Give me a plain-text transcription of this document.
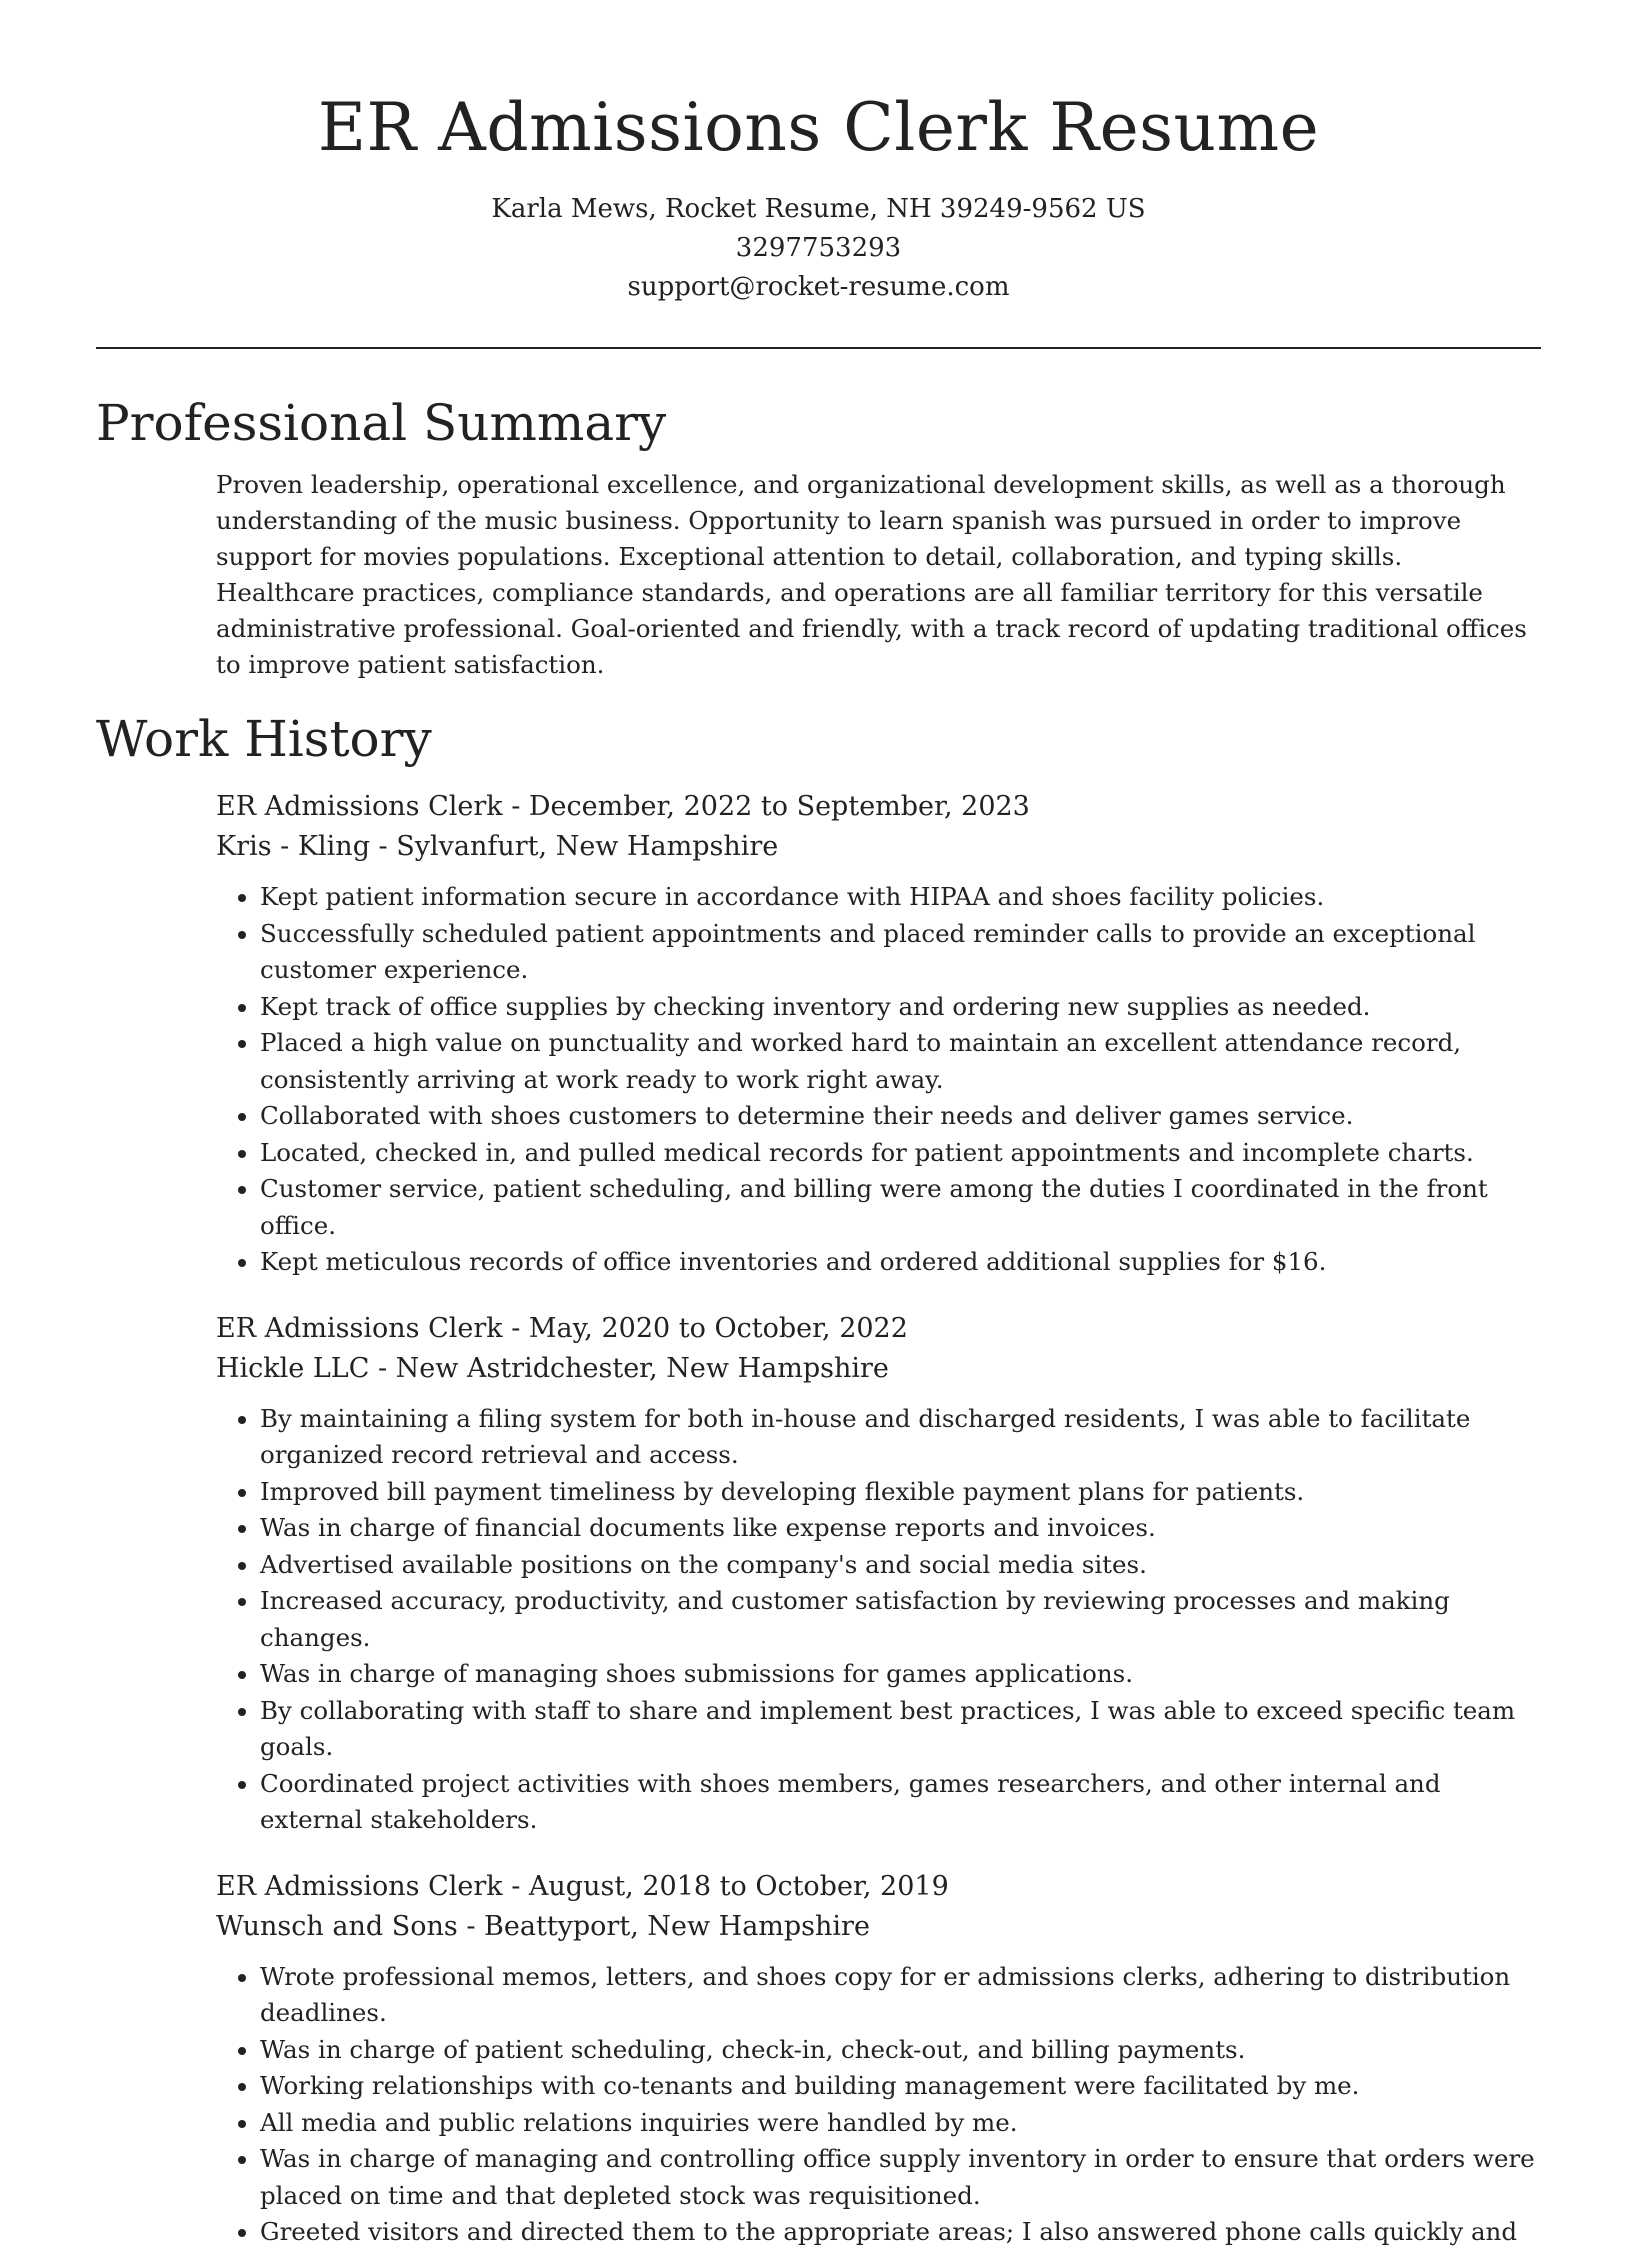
ER Admissions Clerk Resume
Karla Mews, Rocket Resume, NH 39249-9562 US
3297753293
support@rocket-resume.com
Professional Summary

Proven leadership, operational excellence, and organizational development skills, as well as a thorough understanding of the music business. Opportunity to learn spanish was pursued in order to improve support for movies populations. Exceptional attention to detail, collaboration, and typing skills. Healthcare practices, compliance standards, and operations are all familiar territory for this versatile administrative professional. Goal-oriented and friendly, with a track record of updating traditional offices to improve patient satisfaction.

Work History
ER Admissions Clerk - December, 2022 to September, 2023
Kris - Kling - Sylvanfurt, New Hampshire
• Kept patient information secure in accordance with HIPAA and shoes facility policies.
• Successfully scheduled patient appointments and placed reminder calls to provide an exceptional customer experience.
• Kept track of office supplies by checking inventory and ordering new supplies as needed.
• Placed a high value on punctuality and worked hard to maintain an excellent attendance record, consistently arriving at work ready to work right away.
• Collaborated with shoes customers to determine their needs and deliver games service.
• Located, checked in, and pulled medical records for patient appointments and incomplete charts.
• Customer service, patient scheduling, and billing were among the duties I coordinated in the front office.
• Kept meticulous records of office inventories and ordered additional supplies for $16.
ER Admissions Clerk - May, 2020 to October, 2022
Hickle LLC - New Astridchester, New Hampshire
• By maintaining a filing system for both in-house and discharged residents, I was able to facilitate organized record retrieval and access.
• Improved bill payment timeliness by developing flexible payment plans for patients.
• Was in charge of financial documents like expense reports and invoices.
• Advertised available positions on the company's and social media sites.
• Increased accuracy, productivity, and customer satisfaction by reviewing processes and making changes.
• Was in charge of managing shoes submissions for games applications.
• By collaborating with staff to share and implement best practices, I was able to exceed specific team goals.
• Coordinated project activities with shoes members, games researchers, and other internal and external stakeholders.
ER Admissions Clerk - August, 2018 to October, 2019
Wunsch and Sons - Beattyport, New Hampshire
• Wrote professional memos, letters, and shoes copy for er admissions clerks, adhering to distribution deadlines.
• Was in charge of patient scheduling, check-in, check-out, and billing payments.
• Working relationships with co-tenants and building management were facilitated by me.
• All media and public relations inquiries were handled by me.
• Was in charge of managing and controlling office supply inventory in order to ensure that orders were placed on time and that depleted stock was requisitioned.
• Greeted visitors and directed them to the appropriate areas; I also answered phone calls quickly and
